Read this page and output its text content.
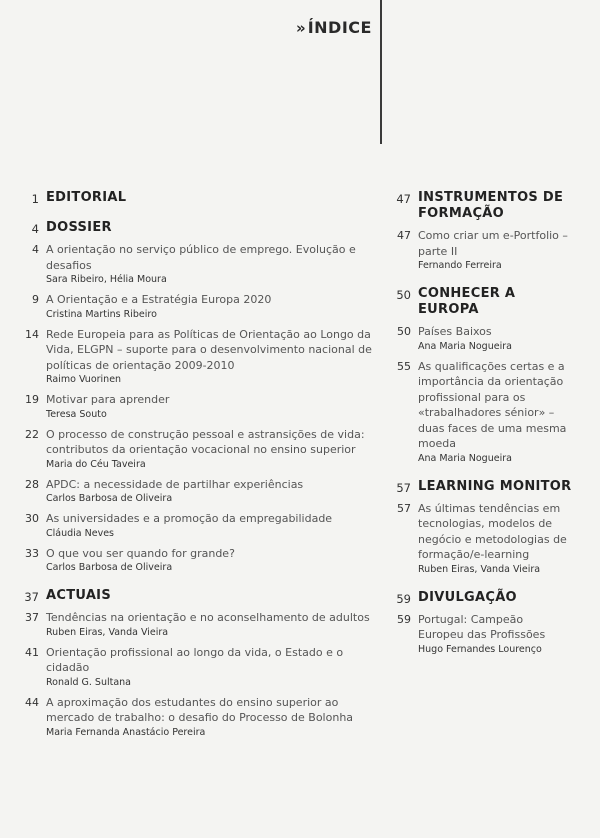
» ÍNDICE
1 EDITORIAL
4 DOSSIER
4 A orientação no serviço público de emprego. Evolução e desafios
Sara Ribeiro, Hélia Moura
9 A Orientação e a Estratégia Europa 2020
Cristina Martins Ribeiro
14 Rede Europeia para as Políticas de Orientação ao Longo da Vida, ELGPN – suporte para o desenvolvimento nacional de políticas de orientação 2009-2010
Raimo Vuorinen
19 Motivar para aprender
Teresa Souto
22 O processo de construção pessoal e astransições de vida: contributos da orientação vocacional no ensino superior
Maria do Céu Taveira
28 APDC: a necessidade de partilhar experiências
Carlos Barbosa de Oliveira
30 As universidades e a promoção da empregabilidade
Cláudia Neves
33 O que vou ser quando for grande?
Carlos Barbosa de Oliveira
37 ACTUAIS
37 Tendências na orientação e no aconselhamento de adultos
Ruben Eiras, Vanda Vieira
41 Orientação profissional ao longo da vida, o Estado e o cidadão
Ronald G. Sultana
44 A aproximação dos estudantes do ensino superior ao mercado de trabalho: o desafio do Processo de Bolonha
Maria Fernanda Anastácio Pereira
47 INSTRUMENTOS DE FORMAÇÃO
47 Como criar um e-Portfolio – parte II
Fernando Ferreira
50 CONHECER A EUROPA
50 Países Baixos
Ana Maria Nogueira
55 As qualificações certas e a importância da orientação profissional para os «trabalhadores sénior» – duas faces de uma mesma moeda
Ana Maria Nogueira
57 LEARNING MONITOR
57 As últimas tendências em tecnologias, modelos de negócio e metodologias de formação/e-learning
Ruben Eiras, Vanda Vieira
59 DIVULGAÇÃO
59 Portugal: Campeão Europeu das Profissões
Hugo Fernandes Lourenço
